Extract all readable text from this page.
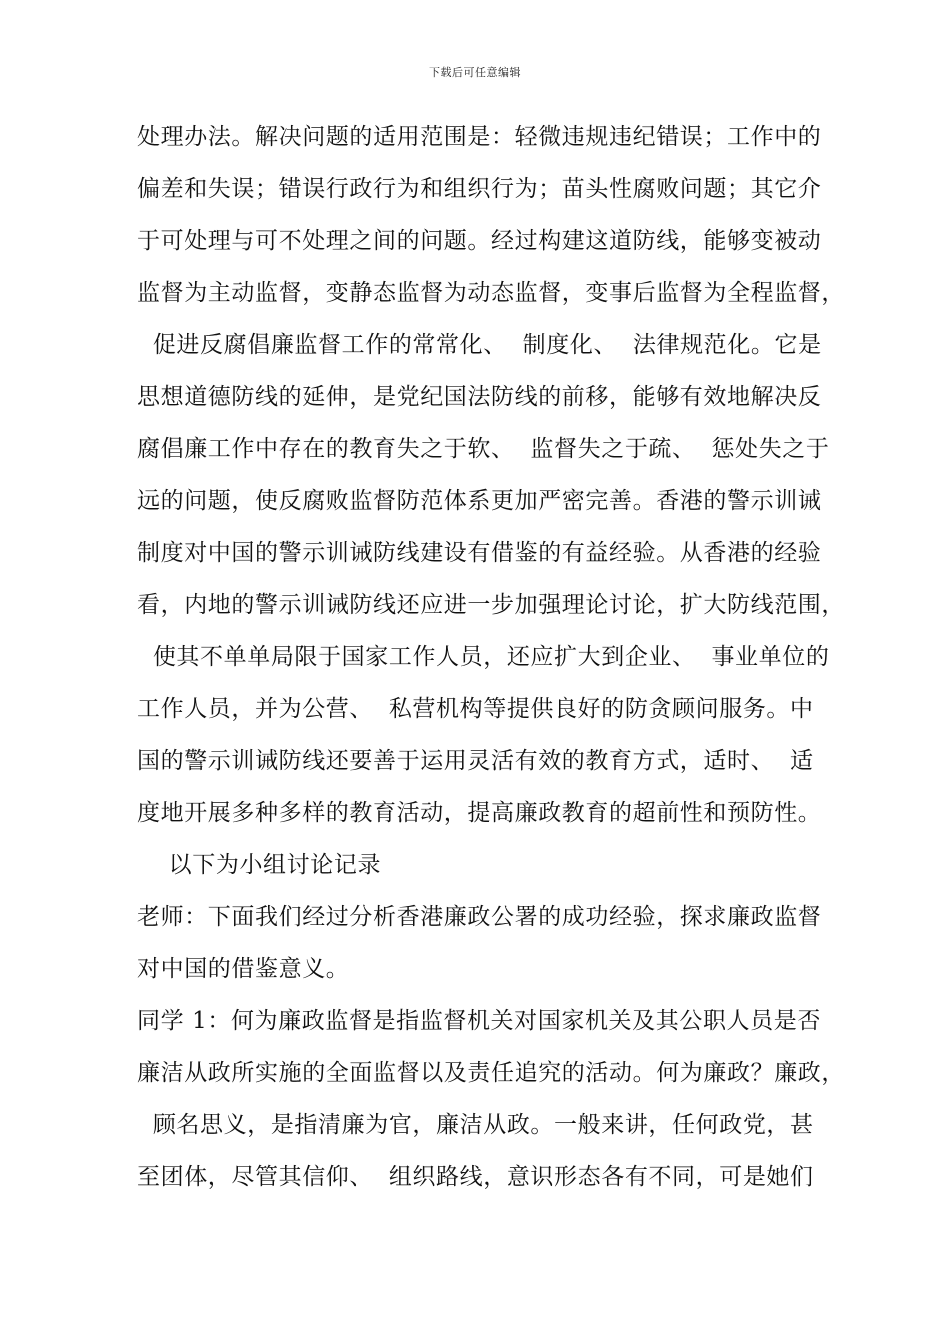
下载后可任意编辑
处理办法。解决问题的适用范围是：轻微违规违纪错误；工作中的
偏差和失误；错误行政行为和组织行为；苗头性腐败问题；其它介
于可处理与可不处理之间的问题。经过构建这道防线，能够变被动
监督为主动监督，变静态监督为动态监督，变事后监督为全程监督，
促进反腐倡廉监督工作的常常化、  制度化、  法律规范化。它是
思想道德防线的延伸，是党纪国法防线的前移，能够有效地解决反
腐倡廉工作中存在的教育失之于软、  监督失之于疏、  惩处失之于
远的问题，使反腐败监督防范体系更加严密完善。香港的警示训诫
制度对中国的警示训诫防线建设有借鉴的有益经验。从香港的经验
看，内地的警示训诫防线还应进一步加强理论讨论，扩大防线范围，
使其不单单局限于国家工作人员，还应扩大到企业、  事业单位的
工作人员，并为公营、  私营机构等提供良好的防贪顾问服务。中
国的警示训诫防线还要善于运用灵活有效的教育方式，适时、  适
度地开展多种多样的教育活动，提高廉政教育的超前性和预防性。
以下为小组讨论记录
老师：下面我们经过分析香港廉政公署的成功经验，探求廉政监督
对中国的借鉴意义。
同学 1：何为廉政监督是指监督机关对国家机关及其公职人员是否
廉洁从政所实施的全面监督以及责任追究的活动。何为廉政？廉政，
顾名思义，是指清廉为官，廉洁从政。一般来讲，任何政党，甚
至团体，尽管其信仰、  组织路线，意识形态各有不同，可是她们
